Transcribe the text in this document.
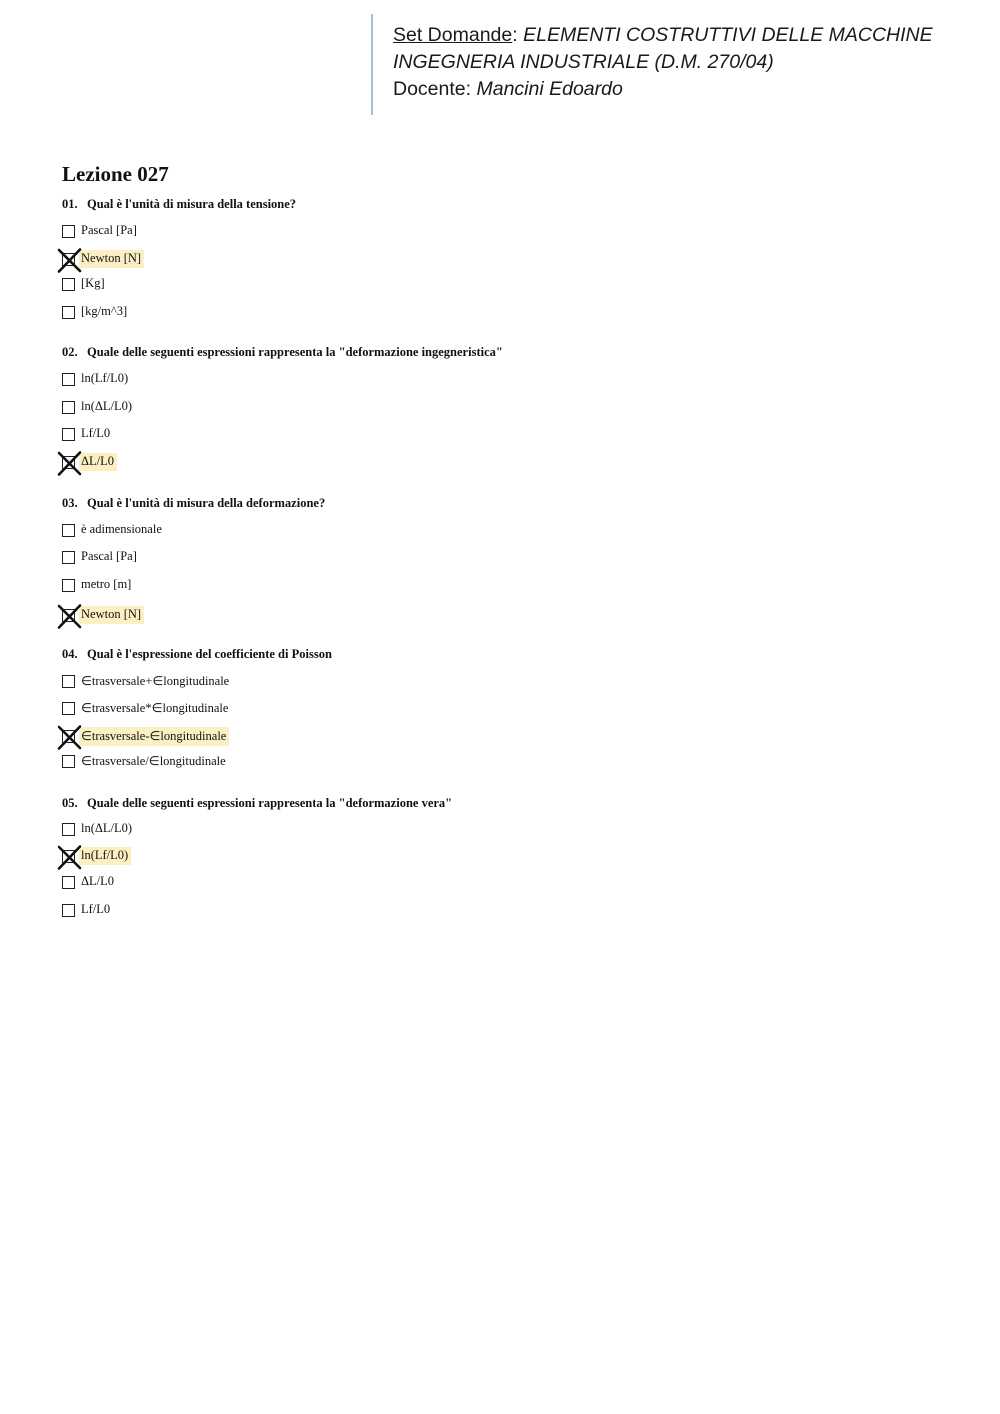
Set Domande: ELEMENTI COSTRUTTIVI DELLE MACCHINE
INGEGNERIA INDUSTRIALE (D.M. 270/04)
Docente: Mancini Edoardo
Lezione 027
01. Qual è l'unità di misura della tensione?
Pascal [Pa]
Newton [N]
[Kg]
[kg/m^3]
02. Quale delle seguenti espressioni rappresenta la "deformazione ingegneristica"
ln(Lf/L0)
ln(ΔL/L0)
Lf/L0
ΔL/L0
03. Qual è l'unità di misura della deformazione?
è adimensionale
Pascal [Pa]
metro [m]
Newton [N]
04. Qual è l'espressione del coefficiente di Poisson
∈trasversale+∈longitudinale
∈trasversale*∈longitudinale
∈trasversale-∈longitudinale
∈trasversale/∈longitudinale
05. Quale delle seguenti espressioni rappresenta la "deformazione vera"
ln(ΔL/L0)
ln(Lf/L0)
ΔL/L0
Lf/L0
